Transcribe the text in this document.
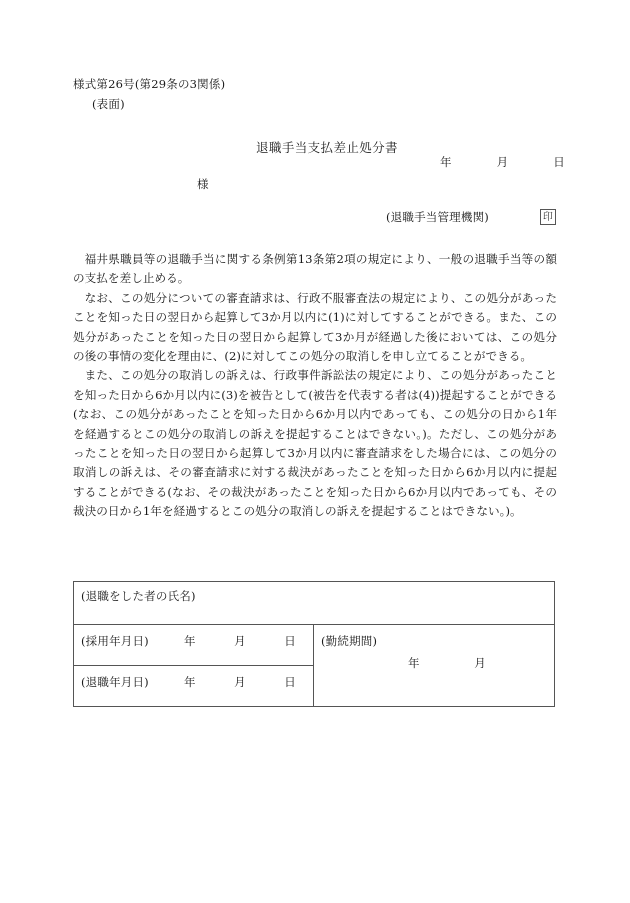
様式第26号(第29条の3関係)
(表面)
退職手当支払差止処分書
年	月	日
様
(退職手当管理機関)	印

福井県職員等の退職手当に関する条例第13条第2項の規定により、一般の退職手当等の額の支払を差し止める。

なお、この処分についての審査請求は、行政不服審査法の規定により、この処分があったことを知った日の翌日から起算して3か月以内に(1)に対してすることができる。また、この処分があったことを知った日の翌日から起算して3か月が経過した後においては、この処分の後の事情の変化を理由に、(2)に対してこの処分の取消しを申し立てることができる。

また、この処分の取消しの訴えは、行政事件訴訟法の規定により、この処分があったことを知った日から6か月以内に(3)を被告として(被告を代表する者は(4))提起することができる(なお、この処分があったことを知った日から6か月以内であっても、この処分の日から1年を経過するとこの処分の取消しの訴えを提起することはできない。)。ただし、この処分があったことを知った日の翌日から起算して3か月以内に審査請求をした場合には、この処分の取消しの訴えは、その審査請求に対する裁決があったことを知った日から6か月以内に提起することができる(なお、その裁決があったことを知った日から6か月以内であっても、その裁決の日から1年を経過するとこの処分の取消しの訴えを提起することはできない。)。

(退職をした者の氏名)
(採用年月日)	年	月	日	(勤続期間)
年	月

(退職年月日)	年	月	日
